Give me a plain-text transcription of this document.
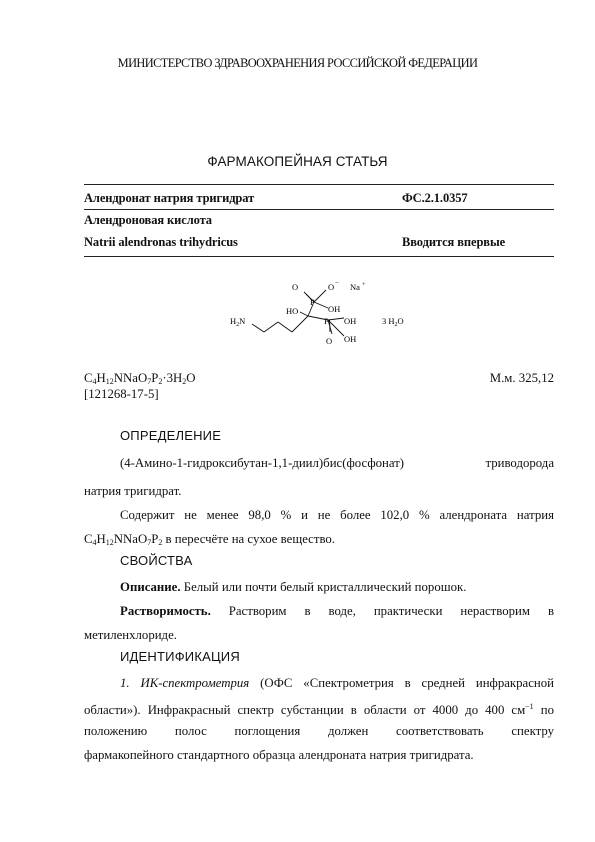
МИНИСТЕРСТВО ЗДРАВООХРАНЕНИЯ РОССИЙСКОЙ ФЕДЕРАЦИИ
ФАРМАКОПЕЙНАЯ СТАТЬЯ
Алендронат натрия тригидрат	ФС.2.1.0357
Алендроновая кислота
Natrii alendronas trihydricus	Вводится впервые
O
P
O − Na +
OH
HO
$H_2N$	P OH
OH
O
3 $H_2O$
$C_4H_{12}NNaO_7P_2\cdot 3H_2O$	М.м. 325,12
[121268-17-5]
ОПРЕДЕЛЕНИЕ
(4-Амино-1-гидроксибутан-1,1-диил)бис(фосфонат) триводорода
натрия тригидрат.
Содержит не менее 98,0 % и не более 102,0 % алендроната натрия
$C_4H_{12}NNaO_7P_2$ в пересчёте на сухое вещество.
СВОЙСТВА
Описание. Белый или почти белый кристаллический порошок.
Растворимость. Растворим в воде, практически нерастворим в
метиленхлориде.
ИДЕНТИФИКАЦИЯ
1. ИК-спектрометрия (ОФС «Спектрометрия в средней инфракрасной
области»). Инфракрасный спектр субстанции в области от 4000 до 400 $см^{-1}$ по
положению полос поглощения должен соответствовать спектру
фармакопейного стандартного образца алендроната натрия тригидрата.
